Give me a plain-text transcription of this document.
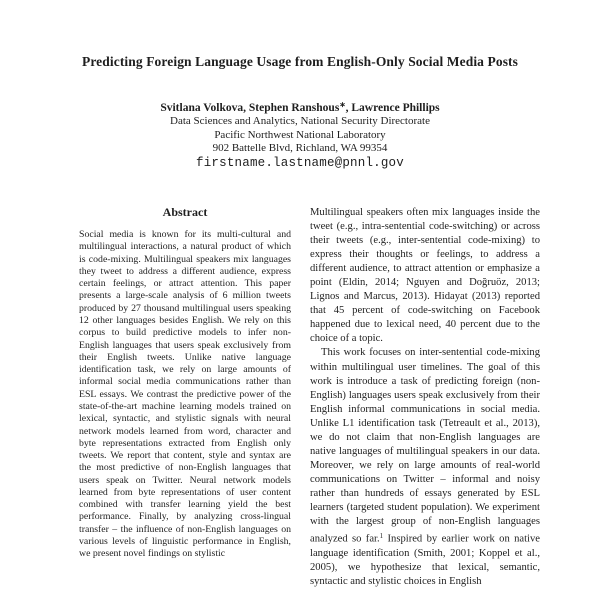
Predicting Foreign Language Usage from English-Only Social Media Posts
Svitlana Volkova, Stephen Ranshous∗, Lawrence Phillips
Data Sciences and Analytics, National Security Directorate
Pacific Northwest National Laboratory
902 Battelle Blvd, Richland, WA 99354
firstname.lastname@pnnl.gov
Abstract
Social media is known for its multi-cultural and multilingual interactions, a natural product of which is code-mixing. Multilingual speakers mix languages they tweet to address a different audience, express certain feelings, or attract attention. This paper presents a large-scale analysis of 6 million tweets produced by 27 thousand multilingual users speaking 12 other languages besides English. We rely on this corpus to build predictive models to infer non-English languages that users speak exclusively from their English tweets. Unlike native language identification task, we rely on large amounts of informal social media communications rather than ESL essays. We contrast the predictive power of the state-of-the-art machine learning models trained on lexical, syntactic, and stylistic signals with neural network models learned from word, character and byte representations extracted from English only tweets. We report that content, style and syntax are the most predictive of non-English languages that users speak on Twitter. Neural network models learned from byte representations of user content combined with transfer learning yield the best performance. Finally, by analyzing cross-lingual transfer – the influence of non-English languages on various levels of linguistic performance in English, we present novel findings on stylistic

Multilingual speakers often mix languages inside the tweet (e.g., intra-sentential code-switching) or across their tweets (e.g., inter-sentential code-mixing) to express their thoughts or feelings, to address a different audience, to attract attention or emphasize a point (Eldin, 2014; Nguyen and Doğruöz, 2013; Lignos and Marcus, 2013). Hidayat (2013) reported that 45 percent of code-switching on Facebook happened due to lexical need, 40 percent due to the choice of a topic.

This work focuses on inter-sentential code-mixing within multilingual user timelines. The goal of this work is introduce a task of predicting foreign (non-English) languages users speak exclusively from their English informal communications in social media. Unlike L1 identification task (Tetreault et al., 2013), we do not claim that non-English languages are native languages of multilingual speakers in our data. Moreover, we rely on large amounts of real-world communications on Twitter – informal and noisy rather than hundreds of essays generated by ESL learners (targeted student population). We experiment with the largest group of non-English languages analyzed so far.$^1$ Inspired by earlier work on native language identification (Smith, 2001; Koppel et al., 2005), we hypothesize that lexical, semantic, syntactic and stylistic choices in English
